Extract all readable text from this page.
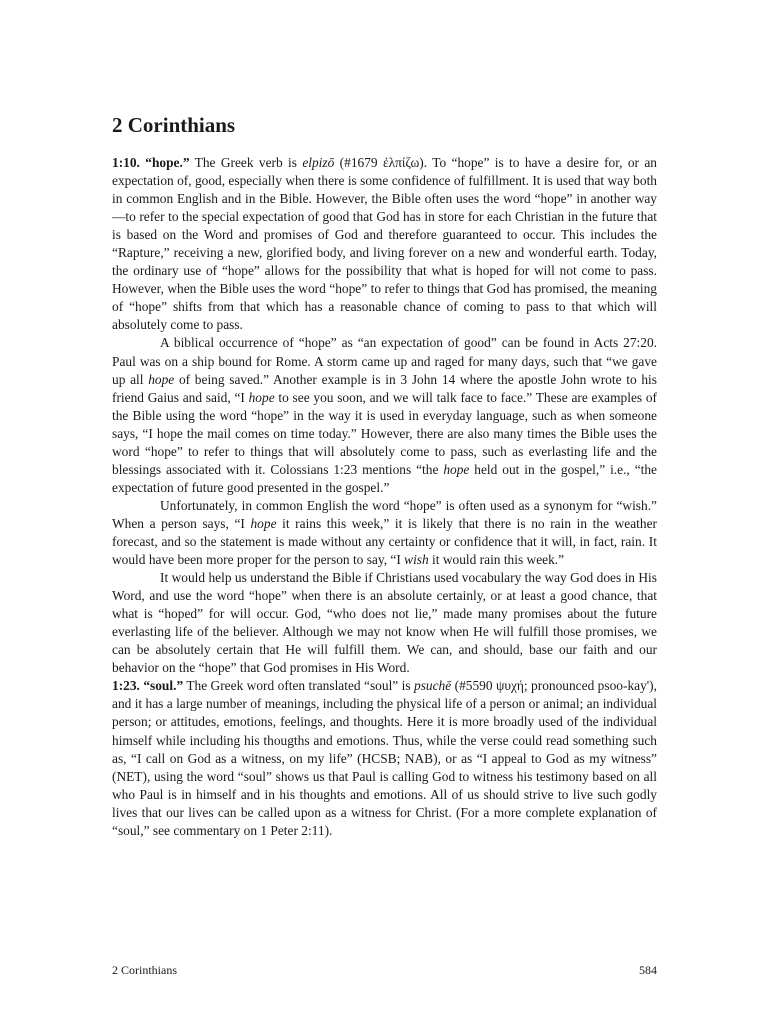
2 Corinthians

1:10. “hope.” The Greek verb is elpizō (#1679 ἐλπίζω). To “hope” is to have a desire for, or an expectation of, good, especially when there is some confidence of fulfillment. It is used that way both in common English and in the Bible. However, the Bible often uses the word “hope” in another way—to refer to the special expectation of good that God has in store for each Christian in the future that is based on the Word and promises of God and therefore guaranteed to occur. This includes the “Rapture,” receiving a new, glorified body, and living forever on a new and wonderful earth. Today, the ordinary use of “hope” allows for the possibility that what is hoped for will not come to pass. However, when the Bible uses the word “hope” to refer to things that God has promised, the meaning of “hope” shifts from that which has a reasonable chance of coming to pass to that which will absolutely come to pass.

A biblical occurrence of “hope” as “an expectation of good” can be found in Acts 27:20. Paul was on a ship bound for Rome. A storm came up and raged for many days, such that “we gave up all hope of being saved.” Another example is in 3 John 14 where the apostle John wrote to his friend Gaius and said, “I hope to see you soon, and we will talk face to face.” These are examples of the Bible using the word “hope” in the way it is used in everyday language, such as when someone says, “I hope the mail comes on time today.” However, there are also many times the Bible uses the word “hope” to refer to things that will absolutely come to pass, such as everlasting life and the blessings associated with it. Colossians 1:23 mentions “the hope held out in the gospel,” i.e., “the expectation of future good presented in the gospel.”

Unfortunately, in common English the word “hope” is often used as a synonym for “wish.” When a person says, “I hope it rains this week,” it is likely that there is no rain in the weather forecast, and so the statement is made without any certainty or confidence that it will, in fact, rain. It would have been more proper for the person to say, “I wish it would rain this week.”

It would help us understand the Bible if Christians used vocabulary the way God does in His Word, and use the word “hope” when there is an absolute certainly, or at least a good chance, that what is “hoped” for will occur. God, “who does not lie,” made many promises about the future everlasting life of the believer. Although we may not know when He will fulfill those promises, we can be absolutely certain that He will fulfill them. We can, and should, base our faith and our behavior on the “hope” that God promises in His Word.

1:23. “soul.” The Greek word often translated “soul” is psuchē (#5590 ψυχή; pronounced psoo-kay'), and it has a large number of meanings, including the physical life of a person or animal; an individual person; or attitudes, emotions, feelings, and thoughts. Here it is more broadly used of the individual himself while including his thougths and emotions. Thus, while the verse could read something such as, “I call on God as a witness, on my life” (HCSB; NAB), or as “I appeal to God as my witness” (NET), using the word “soul” shows us that Paul is calling God to witness his testimony based on all who Paul is in himself and in his thoughts and emotions. All of us should strive to live such godly lives that our lives can be called upon as a witness for Christ. (For a more complete explanation of “soul,” see commentary on 1 Peter 2:11).

2 Corinthians	584
